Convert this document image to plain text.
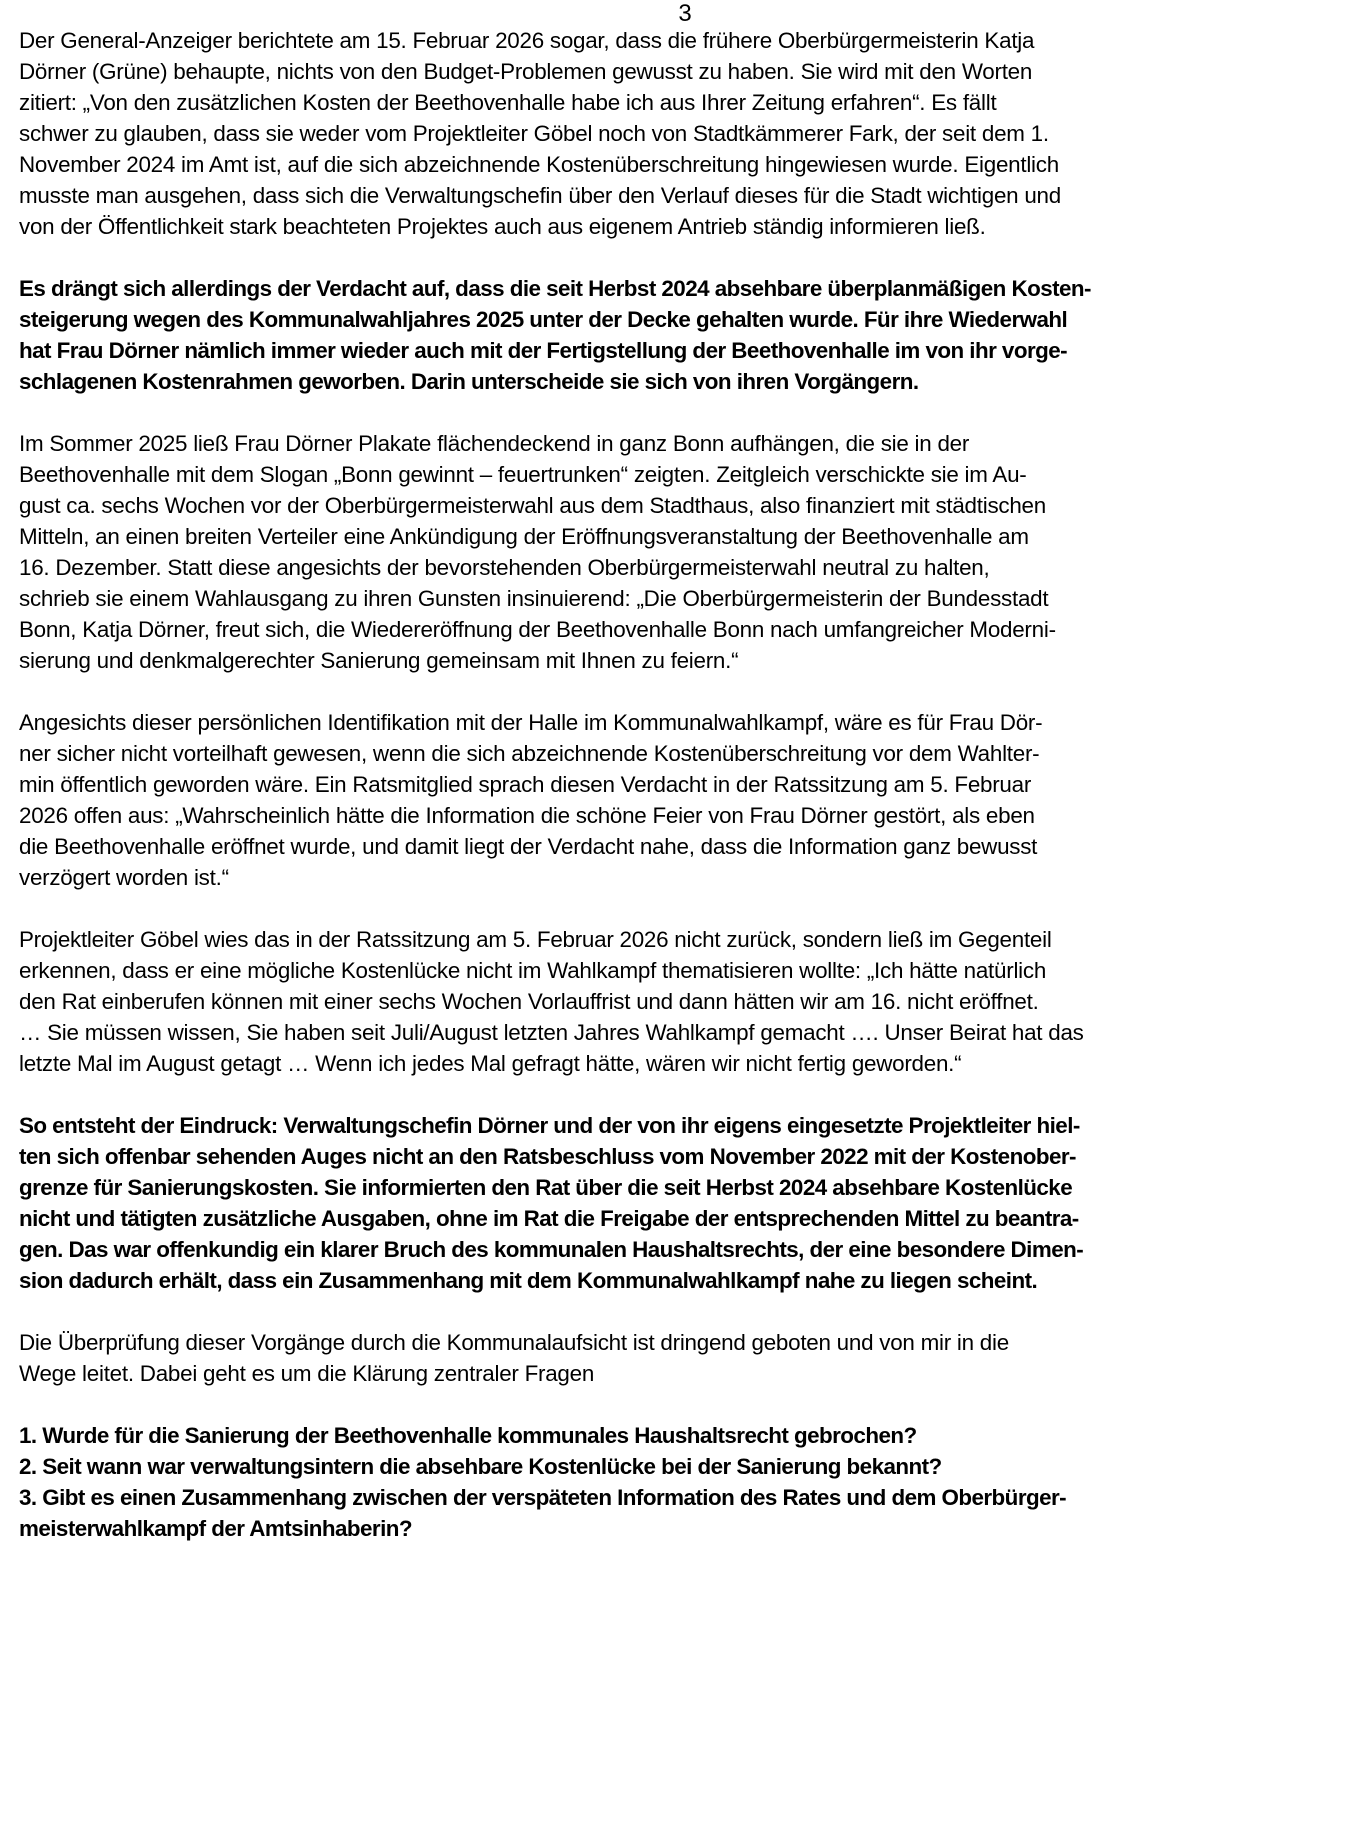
3

Der General-Anzeiger berichtete am 15. Februar 2026 sogar, dass die frühere Oberbürgermeisterin Katja
Dörner (Grüne) behaupte, nichts von den Budget-Problemen gewusst zu haben. Sie wird mit den Worten
zitiert: „Von den zusätzlichen Kosten der Beethovenhalle habe ich aus Ihrer Zeitung erfahren“. Es fällt
schwer zu glauben, dass sie weder vom Projektleiter Göbel noch von Stadtkämmerer Fark, der seit dem 1.
November 2024 im Amt ist, auf die sich abzeichnende Kostenüberschreitung hingewiesen wurde. Eigentlich
musste man ausgehen, dass sich die Verwaltungschefin über den Verlauf dieses für die Stadt wichtigen und
von der Öffentlichkeit stark beachteten Projektes auch aus eigenem Antrieb ständig informieren ließ.

Es drängt sich allerdings der Verdacht auf, dass die seit Herbst 2024 absehbare überplanmäßigen Kosten-
steigerung wegen des Kommunalwahljahres 2025 unter der Decke gehalten wurde. Für ihre Wiederwahl
hat Frau Dörner nämlich immer wieder auch mit der Fertigstellung der Beethovenhalle im von ihr vorge-
schlagenen Kostenrahmen geworben. Darin unterscheide sie sich von ihren Vorgängern.

Im Sommer 2025 ließ Frau Dörner Plakate flächendeckend in ganz Bonn aufhängen, die sie in der
Beethovenhalle mit dem Slogan „Bonn gewinnt – feuertrunken“ zeigten. Zeitgleich verschickte sie im Au-
gust ca. sechs Wochen vor der Oberbürgermeisterwahl aus dem Stadthaus, also finanziert mit städtischen
Mitteln, an einen breiten Verteiler eine Ankündigung der Eröffnungsveranstaltung der Beethovenhalle am
16. Dezember. Statt diese angesichts der bevorstehenden Oberbürgermeisterwahl neutral zu halten,
schrieb sie einem Wahlausgang zu ihren Gunsten insinuierend: „Die Oberbürgermeisterin der Bundesstadt
Bonn, Katja Dörner, freut sich, die Wiedereröffnung der Beethovenhalle Bonn nach umfangreicher Moderni-
sierung und denkmalgerechter Sanierung gemeinsam mit Ihnen zu feiern.“

Angesichts dieser persönlichen Identifikation mit der Halle im Kommunalwahlkampf, wäre es für Frau Dör-
ner sicher nicht vorteilhaft gewesen, wenn die sich abzeichnende Kostenüberschreitung vor dem Wahlter-
min öffentlich geworden wäre. Ein Ratsmitglied sprach diesen Verdacht in der Ratssitzung am 5. Februar
2026 offen aus: „Wahrscheinlich hätte die Information die schöne Feier von Frau Dörner gestört, als eben
die Beethovenhalle eröffnet wurde, und damit liegt der Verdacht nahe, dass die Information ganz bewusst
verzögert worden ist.“

Projektleiter Göbel wies das in der Ratssitzung am 5. Februar 2026 nicht zurück, sondern ließ im Gegenteil
erkennen, dass er eine mögliche Kostenlücke nicht im Wahlkampf thematisieren wollte: „Ich hätte natürlich
den Rat einberufen können mit einer sechs Wochen Vorlauffrist und dann hätten wir am 16. nicht eröffnet.
… Sie müssen wissen, Sie haben seit Juli/August letzten Jahres Wahlkampf gemacht …. Unser Beirat hat das
letzte Mal im August getagt … Wenn ich jedes Mal gefragt hätte, wären wir nicht fertig geworden.“

So entsteht der Eindruck: Verwaltungschefin Dörner und der von ihr eigens eingesetzte Projektleiter hiel-
ten sich offenbar sehenden Auges nicht an den Ratsbeschluss vom November 2022 mit der Kostenober-
grenze für Sanierungskosten. Sie informierten den Rat über die seit Herbst 2024 absehbare Kostenlücke
nicht und tätigten zusätzliche Ausgaben, ohne im Rat die Freigabe der entsprechenden Mittel zu beantra-
gen. Das war offenkundig ein klarer Bruch des kommunalen Haushaltsrechts, der eine besondere Dimen-
sion dadurch erhält, dass ein Zusammenhang mit dem Kommunalwahlkampf nahe zu liegen scheint.

Die Überprüfung dieser Vorgänge durch die Kommunalaufsicht ist dringend geboten und von mir in die
Wege leitet. Dabei geht es um die Klärung zentraler Fragen

1. Wurde für die Sanierung der Beethovenhalle kommunales Haushaltsrecht gebrochen?
2. Seit wann war verwaltungsintern die absehbare Kostenlücke bei der Sanierung bekannt?
3. Gibt es einen Zusammenhang zwischen der verspäteten Information des Rates und dem Oberbürger-
meisterwahlkampf der Amtsinhaberin?
